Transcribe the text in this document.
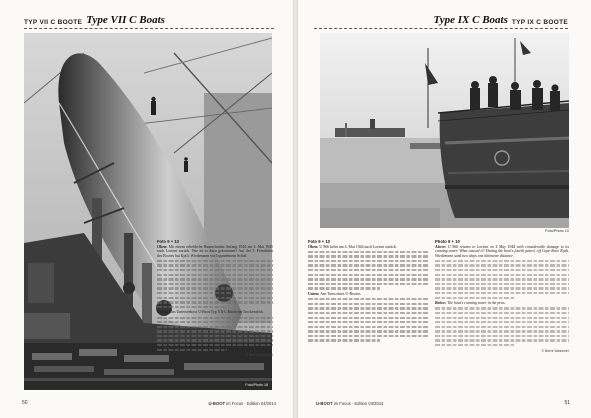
TYP VII C BOOTE Type VII C Boats
Foto/Photo 18
Foto 9 + 10
Oben: Mit einem erhebliche Baueschuden Anfang 1944 am 4. Mai 1945 nach Lorient zurück. Wie ist es dazu gekommen? Auf der 5. Feindfahrt des Bootes hat Kptlt. Wiedemann vor Irgundeinem Schiff.
Unten: Das Unterseeboot U-Boot Typ VII C Boote im Trockendock.
© Bernt Wassmer
50	U-BOOT im Focus · Edition 04/2014
Type IX C Boats TYP IX C BOOTE
Foto/Photo 10
Foto 9 + 10
Oben: U 966 kehrt am 4. Mai 1944 nach Lorient zurück.
Unten: Am Turm eines U-Bootes.
Photo 9 + 10
Above: U 966 returns to Lorient on 4 May 1944 with considerable damage to its conning tower. What caused it? During the boat's fourth patrol, off Cape Race Kptlt. Wiedemann sank two ships one kilometre distance.
Below: The boat's conning tower in the pens.
© Bernt Wassmer
U-BOOT im Focus · Edition 04/2014	51
